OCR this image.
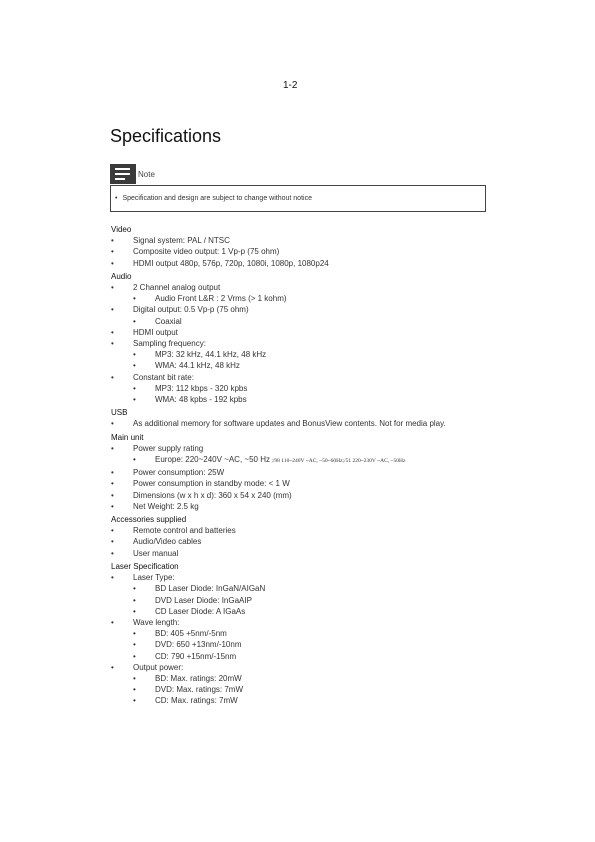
1-2
Specifications
Note
• Specification and design are subject to change without notice
Video
• Signal system: PAL / NTSC
• Composite video output: 1 Vp-p (75 ohm)
• HDMI output 480p, 576p, 720p, 1080i, 1080p, 1080p24
Audio
• 2 Channel analog output
• Audio Front L&R : 2 Vrms (> 1 kohm)
• Digital output: 0.5 Vp-p (75 ohm)
• Coaxial
• HDMI output
• Sampling frequency:
• MP3: 32 kHz, 44.1 kHz, 48 kHz
• WMA: 44.1 kHz, 48 kHz
• Constant bit rate:
• MP3: 112 kbps - 320 kpbs
• WMA: 48 kpbs - 192 kpbs
USB
• As additional memory for software updates and BonusView contents. Not for media play.
Main unit
• Power supply rating
• Europe: 220~240V ~AC, ~50 Hz ;/98 110~240V ~AC, ~50~60Hz;/51 220~230V ~AC, ~50Hz
• Power consumption: 25W
• Power consumption in standby mode: < 1 W
• Dimensions (w x h x d): 360 x 54 x 240 (mm)
• Net Weight: 2.5 kg
Accessories supplied
• Remote control and batteries
• Audio/Video cables
• User manual
Laser Specification
• Laser Type:
• BD Laser Diode: InGaN/AIGaN
• DVD Laser Diode: InGaAIP
• CD Laser Diode: A IGaAs
• Wave length:
• BD: 405 +5nm/-5nm
• DVD: 650 +13nm/-10nm
• CD: 790 +15nm/-15nm
• Output power:
• BD: Max. ratings: 20mW
• DVD: Max. ratings: 7mW
• CD: Max. ratings: 7mW
